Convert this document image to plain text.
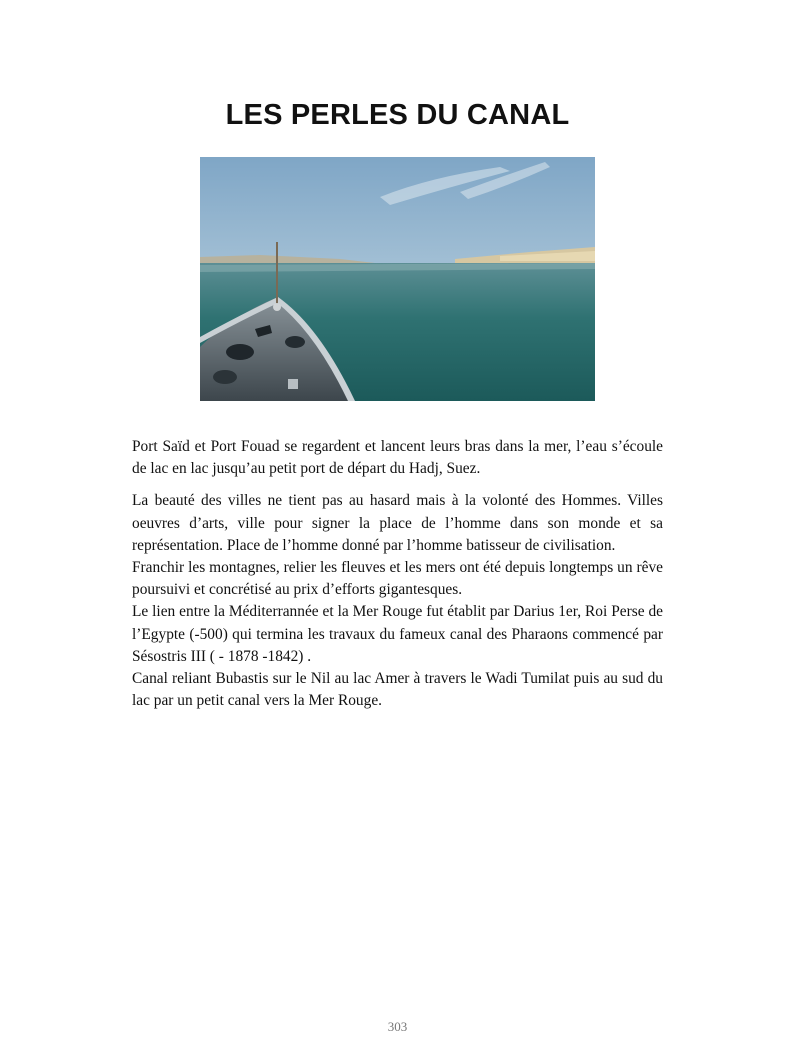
LES PERLES DU CANAL

Port Saïd et Port Fouad se regardent et lancent leurs bras dans la mer, l’eau s’écoule de lac en lac jusqu’au petit port de départ du Hadj, Suez.

La beauté des villes ne tient pas au hasard mais à la volonté des Hommes. Villes oeuvres d’arts, ville pour signer la place de l’homme dans son monde et sa représentation. Place de l’homme donné par l’homme batisseur de civilisation.

Franchir les montagnes, relier les fleuves et les mers ont été depuis longtemps un rêve poursuivi et concrétisé au prix d’efforts gigantesques.

Le lien entre la Méditerrannée et la Mer Rouge fut établit par Darius 1er, Roi Perse de l’Egypte (-500) qui termina les travaux du fameux canal des Pharaons commencé par Sésostris III ( - 1878 -1842) .

Canal reliant Bubastis sur le Nil au lac Amer à travers le Wadi Tumilat puis au sud du lac par un petit canal vers la Mer Rouge.

303
